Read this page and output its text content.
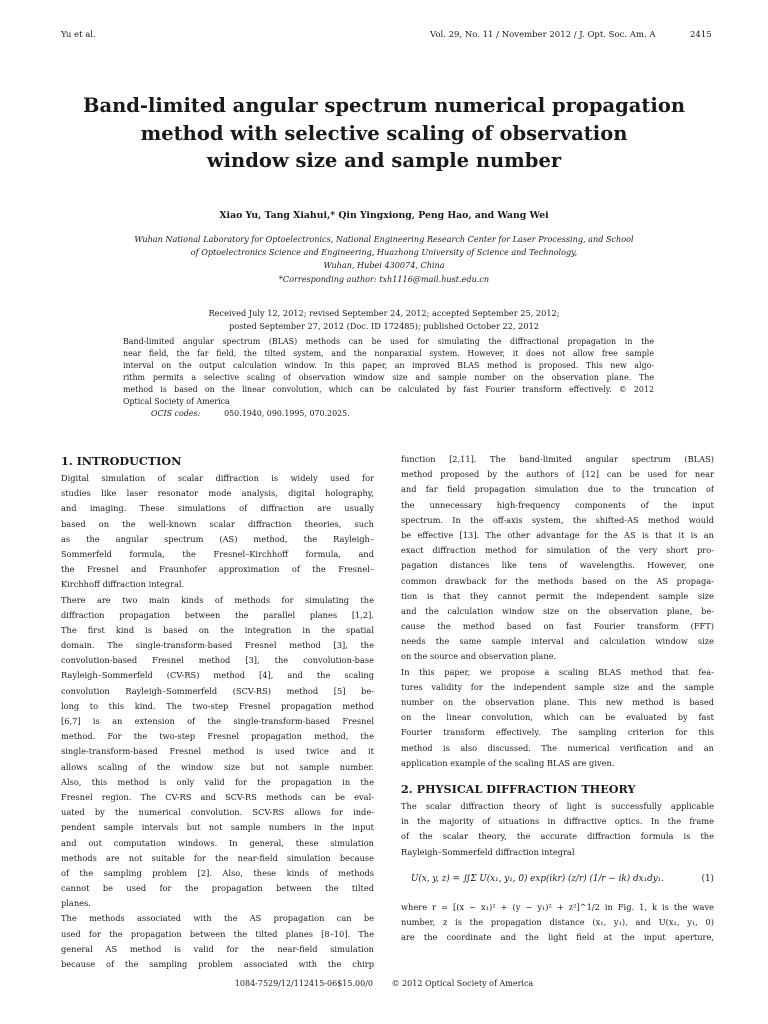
Yu et al.	Vol. 29, No. 11 / November 2012 / J. Opt. Soc. Am. A	2415
Band-limited angular spectrum numerical propagation
method with selective scaling of observation
window size and sample number
Xiao Yu, Tang Xiahui,* Qin Yingxiong, Peng Hao, and Wang Wei
Wuhan National Laboratory for Optoelectronics, National Engineering Research Center for Laser Processing, and School
of Optoelectronics Science and Engineering, Huazhong University of Science and Technology,
Wuhan, Hubei 430074, China
*Corresponding author: txh1116@mail.hust.edu.cn
Received July 12, 2012; revised September 24, 2012; accepted September 25, 2012;
posted September 27, 2012 (Doc. ID 172485); published October 22, 2012
Band-limited angular spectrum (BLAS) methods can be used for simulating the diffractional propagation in the
near field, the far field, the tilted system, and the nonparaxial system. However, it does not allow free sample
interval on the output calculation window. In this paper, an improved BLAS method is proposed. This new algo-
rithm permits a selective scaling of observation window size and sample number on the observation plane. The
method is based on the linear convolution, which can be calculated by fast Fourier transform effectively. © 2012
Optical Society of America
OCIS codes:	050.1940, 090.1995, 070.2025.
1. INTRODUCTION
Digital simulation of scalar diffraction is widely used for
studies like laser resonator mode analysis, digital holography,
and imaging. These simulations of diffraction are usually
based on the well-known scalar diffraction theories, such
as the angular spectrum (AS) method, the Rayleigh–
Sommerfeld formula, the Fresnel–Kirchhoff formula, and
the Fresnel and Fraunhofer approximation of the Fresnel–
Kirchhoff diffraction integral.
There are two main kinds of methods for simulating the
diffraction propagation between the parallel planes [1,2].
The first kind is based on the integration in the spatial
domain. The single-transform-based Fresnel method [3], the
convolution-based Fresnel method [3], the convolution-base
Rayleigh–Sommerfeld (CV-RS) method [4], and the scaling
convolution Rayleigh–Sommerfeld (SCV-RS) method [5] be-
long to this kind. The two-step Fresnel propagation method
[6,7] is an extension of the single-transform-based Fresnel
method. For the two-step Fresnel propagation method, the
single-transform-based Fresnel method is used twice and it
allows scaling of the window size but not sample number.
Also, this method is only valid for the propagation in the
Fresnel region. The CV-RS and SCV-RS methods can be eval-
uated by the numerical convolution. SCV-RS allows for inde-
pendent sample intervals but not sample numbers in the input
and out computation windows. In general, these simulation
methods are not suitable for the near-field simulation because
of the sampling problem [2]. Also, these kinds of methods
cannot be used for the propagation between the tilted
planes.
The methods associated with the AS propagation can be
used for the propagation between the tilted planes [8–10]. The
general AS method is valid for the near-field simulation
because of the sampling problem associated with the chirp
function [2,11]. The band-limited angular spectrum (BLAS)
method proposed by the authors of [12] can be used for near
and far field propagation simulation due to the truncation of
the unnecessary high-frequency components of the input
spectrum. In the off-axis system, the shifted-AS method would
be effective [13]. The other advantage for the AS is that it is an
exact diffraction method for simulation of the very short pro-
pagation distances like tens of wavelengths. However, one
common drawback for the methods based on the AS propaga-
tion is that they cannot permit the independent sample size
and the calculation window size on the observation plane, be-
cause the method based on fast Fourier transform (FFT)
needs the same sample interval and calculation window size
on the source and observation plane.
In this paper, we propose a scaling BLAS method that fea-
tures validity for the independent sample size and the sample
number on the observation plane. This new method is based
on the linear convolution, which can be evaluated by fast
Fourier transform effectively. The sampling criterion for this
method is also discussed. The numerical verification and an
application example of the scaling BLAS are given.
2. PHYSICAL DIFFRACTION THEORY
The scalar diffraction theory of light is successfully applicable
in the majority of situations in diffractive optics. In the frame
of the scalar theory, the accurate diffraction formula is the
Rayleigh–Sommerfeld diffraction integral
U(x, y, z) = ∬Σ U(x₁, y₁, 0) exp(ikr) (z/r) (1/r − ik) dx₁dy₁.	(1)
where r = [(x − x₁)² + (y − y₁)² + z²]^1/2 in Fig. 1, k is the wave
number, z is the propagation distance (x₁, y₁), and U(x₁, y₁, 0)
are the coordinate and the light field at the input aperture,
1084-7529/12/112415-06$15.00/0 © 2012 Optical Society of America
